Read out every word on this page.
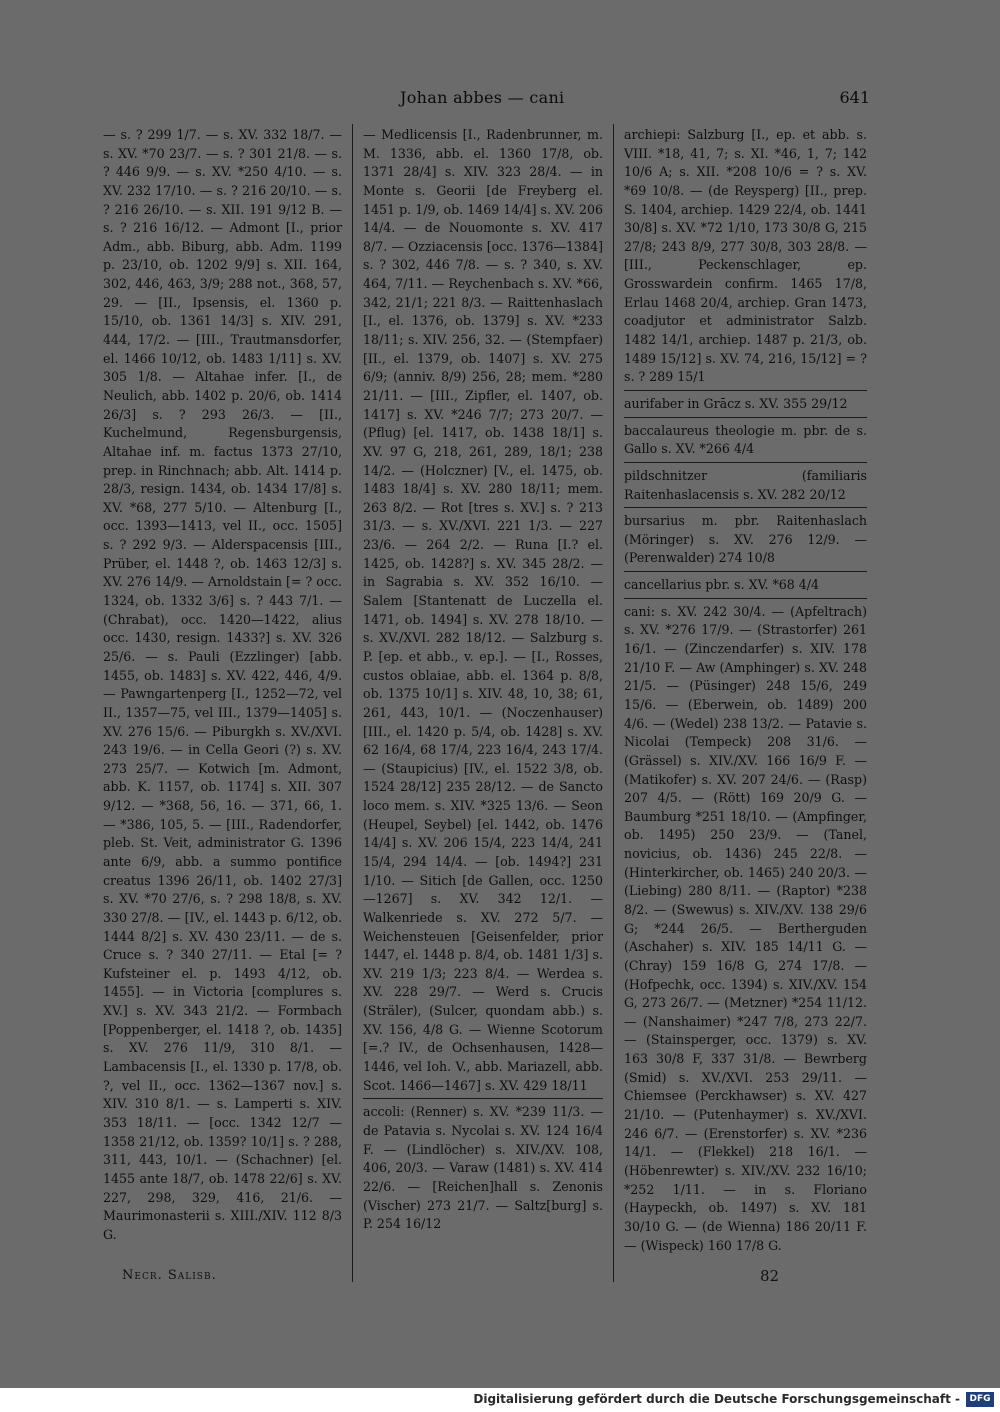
Johan abbes — cani	641

— s. ? 299 1/7. — s. XV. 332 18/7. — s. XV. *70 23/7. — s. ? 301 21/8. — s. ? 446 9/9. — s. XV. *250 4/10. — s. XV. 232 17/10. — s. ? 216 20/10. — s. ? 216 26/10. — s. XII. 191 9/12 B. — s. ? 216 16/12. — Admont [I., prior Adm., abb. Biburg, abb. Adm. 1199 p. 23/10, ob. 1202 9/9] s. XII. 164, 302, 446, 463, 3/9; 288 not., 368, 57, 29. — [II., Ipsensis, el. 1360 p. 15/10, ob. 1361 14/3] s. XIV. 291, 444, 17/2. — [III., Trautmansdorfer, el. 1466 10/12, ob. 1483 1/11] s. XV. 305 1/8. — Altahae infer. [I., de Neulich, abb. 1402 p. 20/6, ob. 1414 26/3] s. ? 293 26/3. — [II., Kuchelmund, Regensburgensis, Altahae inf. m. factus 1373 27/10, prep. in Rinchnach; abb. Alt. 1414 p. 28/3, resign. 1434, ob. 1434 17/8] s. XV. *68, 277 5/10. — Altenburg [I., occ. 1393—1413, vel II., occ. 1505] s. ? 292 9/3. — Alderspacensis [III., Prüber, el. 1448 ?, ob. 1463 12/3] s. XV. 276 14/9. — Arnoldstain [= ? occ. 1324, ob. 1332 3/6] s. ? 443 7/1. — (Chrabat), occ. 1420—1422, alius occ. 1430, resign. 1433?] s. XV. 326 25/6. — s. Pauli (Ezzlinger) [abb. 1455, ob. 1483] s. XV. 422, 446, 4/9. — Pawngartenperg [I., 1252—72, vel II., 1357—75, vel III., 1379—1405] s. XV. 276 15/6. — Piburgkh s. XV./XVI. 243 19/6. — in Cella Geori (?) s. XV. 273 25/7. — Kotwich [m. Admont, abb. K. 1157, ob. 1174] s. XII. 307 9/12. — *368, 56, 16. — 371, 66, 1. — *386, 105, 5. — [III., Radendorfer, pleb. St. Veit, administrator G. 1396 ante 6/9, abb. a summo pontifice creatus 1396 26/11, ob. 1402 27/3] s. XV. *70 27/6, s. ? 298 18/8, s. XV. 330 27/8. — [IV., el. 1443 p. 6/12, ob. 1444 8/2] s. XV. 430 23/11. — de s. Cruce s. ? 340 27/11. — Etal [= ? Kufsteiner el. p. 1493 4/12, ob. 1455]. — in Victoria [complures s. XV.] s. XV. 343 21/2. — Formbach [Poppenberger, el. 1418 ?, ob. 1435] s. XV. 276 11/9, 310 8/1. — Lambacensis [I., el. 1330 p. 17/8, ob. ?, vel II., occ. 1362—1367 nov.] s. XIV. 310 8/1. — s. Lamperti s. XIV. 353 18/11. — [occ. 1342 12/7 — 1358 21/12, ob. 1359? 10/1] s. ? 288, 311, 443, 10/1. — (Schachner) [el. 1455 ante 18/7, ob. 1478 22/6] s. XV. 227, 298, 329, 416, 21/6. — Maurimonasterii s. XIII./XIV. 112 8/3 G.

— Medlicensis [I., Radenbrunner, m. M. 1336, abb. el. 1360 17/8, ob. 1371 28/4] s. XIV. 323 28/4. — in Monte s. Georii [de Freyberg el. 1451 p. 1/9, ob. 1469 14/4] s. XV. 206 14/4. — de Nouomonte s. XV. 417 8/7. — Ozziacensis [occ. 1376—1384] s. ? 302, 446 7/8. — s. ? 340, s. XV. 464, 7/11. — Reychenbach s. XV. *66, 342, 21/1; 221 8/3. — Raittenhaslach [I., el. 1376, ob. 1379] s. XV. *233 18/11; s. XIV. 256, 32. — (Stempfaer) [II., el. 1379, ob. 1407] s. XV. 275 6/9; (anniv. 8/9) 256, 28; mem. *280 21/11. — [III., Zipfler, el. 1407, ob. 1417] s. XV. *246 7/7; 273 20/7. — (Pflug) [el. 1417, ob. 1438 18/1] s. XV. 97 G, 218, 261, 289, 18/1; 238 14/2. — (Holczner) [V., el. 1475, ob. 1483 18/4] s. XV. 280 18/11; mem. 263 8/2. — Rot [tres s. XV.] s. ? 213 31/3. — s. XV./XVI. 221 1/3. — 227 23/6. — 264 2/2. — Runa [I.? el. 1425, ob. 1428?] s. XV. 345 28/2. — in Sagrabia s. XV. 352 16/10. — Salem [Stantenatt de Luczella el. 1471, ob. 1494] s. XV. 278 18/10. — s. XV./XVI. 282 18/12. — Salzburg s. P. [ep. et abb., v. ep.]. — [I., Rosses, custos oblaiae, abb. el. 1364 p. 8/8, ob. 1375 10/1] s. XIV. 48, 10, 38; 61, 261, 443, 10/1. — (Noczenhauser) [III., el. 1420 p. 5/4, ob. 1428] s. XV. 62 16/4, 68 17/4, 223 16/4, 243 17/4. — (Staupicius) [IV., el. 1522 3/8, ob. 1524 28/12] 235 28/12. — de Sancto loco mem. s. XIV. *325 13/6. — Seon (Heupel, Seybel) [el. 1442, ob. 1476 14/4] s. XV. 206 15/4, 223 14/4, 241 15/4, 294 14/4. — [ob. 1494?] 231 1/10. — Sitich [de Gallen, occ. 1250 —1267] s. XV. 342 12/1. — Walkenriede s. XV. 272 5/7. — Weichensteuen [Geisenfelder, prior 1447, el. 1448 p. 8/4, ob. 1481 1/3] s. XV. 219 1/3; 223 8/4. — Werdea s. XV. 228 29/7. — Werd s. Crucis (Sträler), (Sulcer, quondam abb.) s. XV. 156, 4/8 G. — Wienne Scotorum [=.? IV., de Ochsenhausen, 1428—1446, vel Ioh. V., abb. Mariazell, abb. Scot. 1466—1467] s. XV. 429 18/11

accoli: (Renner) s. XV. *239 11/3. — de Patavia s. Nycolai s. XV. 124 16/4 F. — (Lindlöcher) s. XIV./XV. 108, 406, 20/3. — Varaw (1481) s. XV. 414 22/6. — [Reichen]hall s. Zenonis (Vischer) 273 21/7. — Saltz[burg] s. P. 254 16/12

archiepi: Salzburg [I., ep. et abb. s. VIII. *18, 41, 7; s. XI. *46, 1, 7; 142 10/6 A; s. XII. *208 10/6 = ? s. XV. *69 10/8. — (de Reysperg) [II., prep. S. 1404, archiep. 1429 22/4, ob. 1441 30/8] s. XV. *72 1/10, 173 30/8 G, 215 27/8; 243 8/9, 277 30/8, 303 28/8. — [III., Peckenschlager, ep. Grosswardein confirm. 1465 17/8, Erlau 1468 20/4, archiep. Gran 1473, coadjutor et administrator Salzb. 1482 14/1, archiep. 1487 p. 21/3, ob. 1489 15/12] s. XV. 74, 216, 15/12] = ? s. ? 289 15/1

aurifaber in Grācz s. XV. 355 29/12

baccalaureus theologie m. pbr. de s. Gallo s. XV. *266 4/4

pildschnitzer (familiaris Raitenhaslacensis s. XV. 282 20/12

bursarius m. pbr. Raitenhaslach (Möringer) s. XV. 276 12/9. — (Perenwalder) 274 10/8

cancellarius pbr. s. XV. *68 4/4

cani: s. XV. 242 30/4. — (Apfeltrach) s. XV. *276 17/9. — (Strastorfer) 261 16/1. — (Zinczendarfer) s. XIV. 178 21/10 F. — Aw (Amphinger) s. XV. 248 21/5. — (Püsinger) 248 15/6, 249 15/6. — (Eberwein, ob. 1489) 200 4/6. — (Wedel) 238 13/2. — Patavie s. Nicolai (Tempeck) 208 31/6. — (Grässel) s. XIV./XV. 166 16/9 F. — (Matikofer) s. XV. 207 24/6. — (Rasp) 207 4/5. — (Rött) 169 20/9 G. — Baumburg *251 18/10. — (Ampfinger, ob. 1495) 250 23/9. — (Tanel, novicius, ob. 1436) 245 22/8. — (Hinterkircher, ob. 1465) 240 20/3. — (Liebing) 280 8/11. — (Raptor) *238 8/2. — (Swewus) s. XIV./XV. 138 29/6 G; *244 26/5. — Bertherguden (Aschaher) s. XIV. 185 14/11 G. — (Chray) 159 16/8 G, 274 17/8. — (Hofpechk, occ. 1394) s. XIV./XV. 154 G, 273 26/7. — (Metzner) *254 11/12. — (Nanshaimer) *247 7/8, 273 22/7. — (Stainsperger, occ. 1379) s. XV. 163 30/8 F, 337 31/8. — Bewrberg (Smid) s. XV./XVI. 253 29/11. — Chiemsee (Perckhawser) s. XV. 427 21/10. — (Putenhaymer) s. XV./XVI. 246 6/7. — (Erenstorfer) s. XV. *236 14/1. — (Flekkel) 218 16/1. — (Höbenrewter) s. XIV./XV. 232 16/10; *252 1/11. — in s. Floriano (Haypeckh, ob. 1497) s. XV. 181 30/10 G. — (de Wienna) 186 20/11 F. — (Wispeck) 160 17/8 G.

Necr. Salisb.	82
Digitalisierung gefördert durch die Deutsche Forschungsgemeinschaft -	DFG
